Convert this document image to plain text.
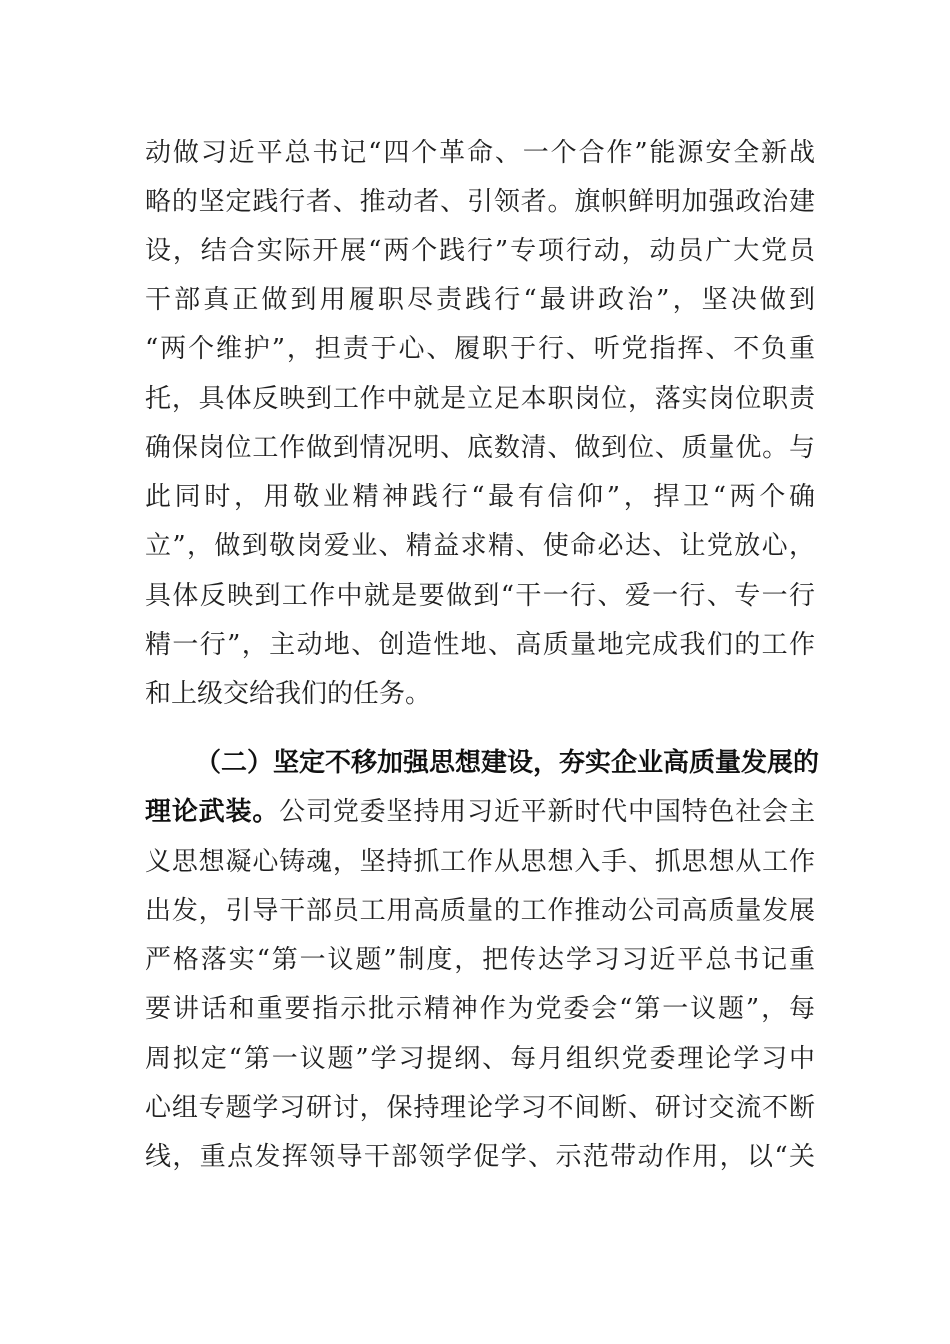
动做习近平总书记“四个革命、一个合作”能源安全新战
略的坚定践行者、推动者、引领者。旗帜鲜明加强政治建
设，结合实际开展“两个践行”专项行动，动员广大党员
干部真正做到用履职尽责践行“最讲政治”，坚决做到
“两个维护”，担责于心、履职于行、听党指挥、不负重
托，具体反映到工作中就是立足本职岗位，落实岗位职责
确保岗位工作做到情况明、底数清、做到位、质量优。与
此同时，用敬业精神践行“最有信仰”，捍卫“两个确
立”，做到敬岗爱业、精益求精、使命必达、让党放心，
具体反映到工作中就是要做到“干一行、爱一行、专一行
精一行”，主动地、创造性地、高质量地完成我们的工作
和上级交给我们的任务。
（二）坚定不移加强思想建设，夯实企业高质量发展的
理论武装。公司党委坚持用习近平新时代中国特色社会主
义思想凝心铸魂，坚持抓工作从思想入手、抓思想从工作
出发，引导干部员工用高质量的工作推动公司高质量发展
严格落实“第一议题”制度，把传达学习习近平总书记重
要讲话和重要指示批示精神作为党委会“第一议题”，每
周拟定“第一议题”学习提纲、每月组织党委理论学习中
心组专题学习研讨，保持理论学习不间断、研讨交流不断
线，重点发挥领导干部领学促学、示范带动作用，以“关
